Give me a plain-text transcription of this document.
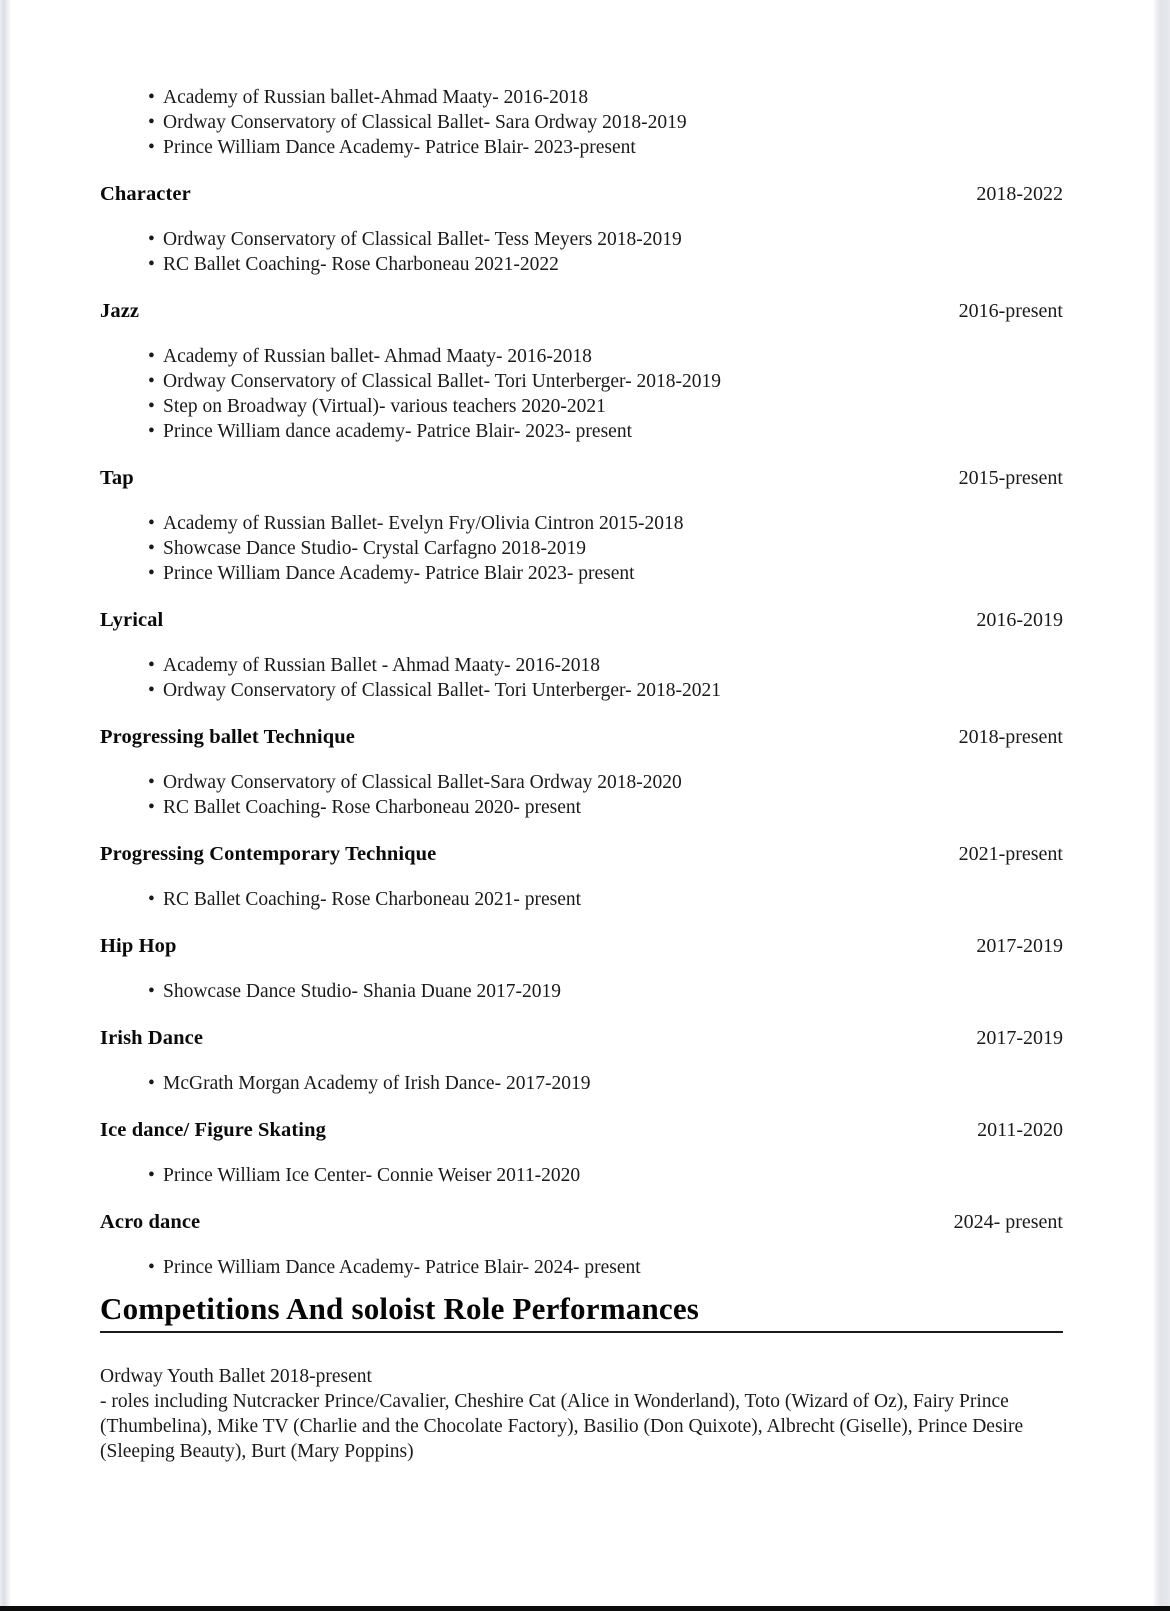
• Academy of Russian ballet-Ahmad Maaty- 2016-2018
• Ordway Conservatory of Classical Ballet- Sara Ordway 2018-2019
• Prince William Dance Academy- Patrice Blair- 2023-present
Character	2018-2022
• Ordway Conservatory of Classical Ballet- Tess Meyers 2018-2019
• RC Ballet Coaching- Rose Charboneau 2021-2022
Jazz	2016-present
• Academy of Russian ballet- Ahmad Maaty- 2016-2018
• Ordway Conservatory of Classical Ballet- Tori Unterberger- 2018-2019
• Step on Broadway (Virtual)- various teachers 2020-2021
• Prince William dance academy- Patrice Blair- 2023- present
Tap	2015-present
• Academy of Russian Ballet- Evelyn Fry/Olivia Cintron 2015-2018
• Showcase Dance Studio- Crystal Carfagno 2018-2019
• Prince William Dance Academy- Patrice Blair 2023- present
Lyrical	2016-2019
• Academy of Russian Ballet - Ahmad Maaty- 2016-2018
• Ordway Conservatory of Classical Ballet- Tori Unterberger- 2018-2021
Progressing ballet Technique	2018-present
• Ordway Conservatory of Classical Ballet-Sara Ordway 2018-2020
• RC Ballet Coaching- Rose Charboneau 2020- present
Progressing Contemporary Technique	2021-present
• RC Ballet Coaching- Rose Charboneau 2021- present
Hip Hop	2017-2019
• Showcase Dance Studio- Shania Duane 2017-2019
Irish Dance	2017-2019
• McGrath Morgan Academy of Irish Dance- 2017-2019
Ice dance/ Figure Skating	2011-2020
• Prince William Ice Center- Connie Weiser 2011-2020
Acro dance	2024- present
• Prince William Dance Academy- Patrice Blair- 2024- present
Competitions And soloist Role Performances
Ordway Youth Ballet 2018-present
- roles including Nutcracker Prince/Cavalier, Cheshire Cat (Alice in Wonderland), Toto (Wizard of Oz), Fairy Prince (Thumbelina), Mike TV (Charlie and the Chocolate Factory), Basilio (Don Quixote), Albrecht (Giselle), Prince Desire (Sleeping Beauty), Burt (Mary Poppins)
